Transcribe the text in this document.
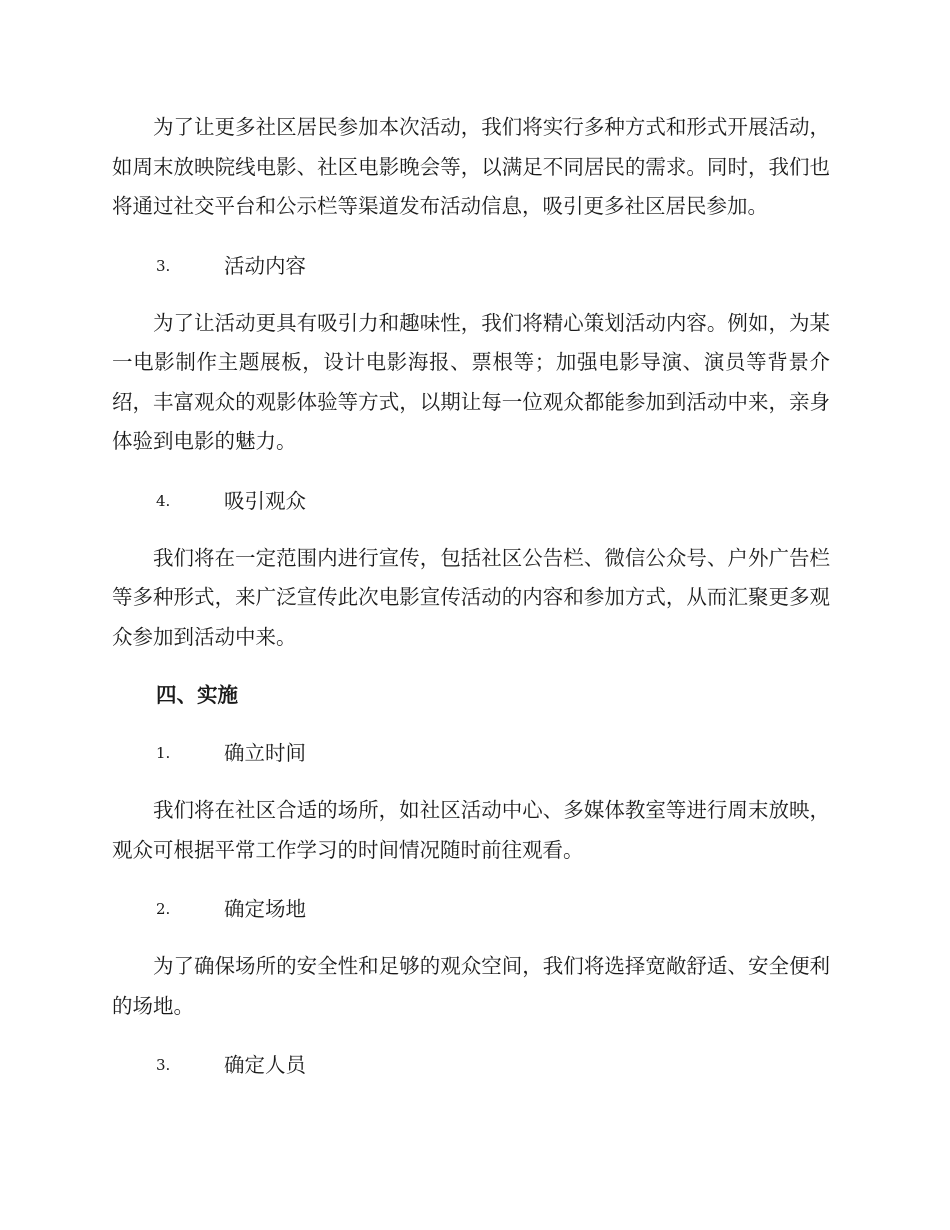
为了让更多社区居民参加本次活动，我们将实行多种方式和形式开展活动，如周末放映院线电影、社区电影晚会等，以满足不同居民的需求。同时，我们也将通过社交平台和公示栏等渠道发布活动信息，吸引更多社区居民参加。

3.	活动内容

为了让活动更具有吸引力和趣味性，我们将精心策划活动内容。例如，为某一电影制作主题展板，设计电影海报、票根等；加强电影导演、演员等背景介绍，丰富观众的观影体验等方式，以期让每一位观众都能参加到活动中来，亲身体验到电影的魅力。

4.	吸引观众

我们将在一定范围内进行宣传，包括社区公告栏、微信公众号、户外广告栏等多种形式，来广泛宣传此次电影宣传活动的内容和参加方式，从而汇聚更多观众参加到活动中来。

四、实施
1.	确立时间

我们将在社区合适的场所，如社区活动中心、多媒体教室等进行周末放映，观众可根据平常工作学习的时间情况随时前往观看。

2.	确定场地

为了确保场所的安全性和足够的观众空间，我们将选择宽敞舒适、安全便利的场地。

3.	确定人员
